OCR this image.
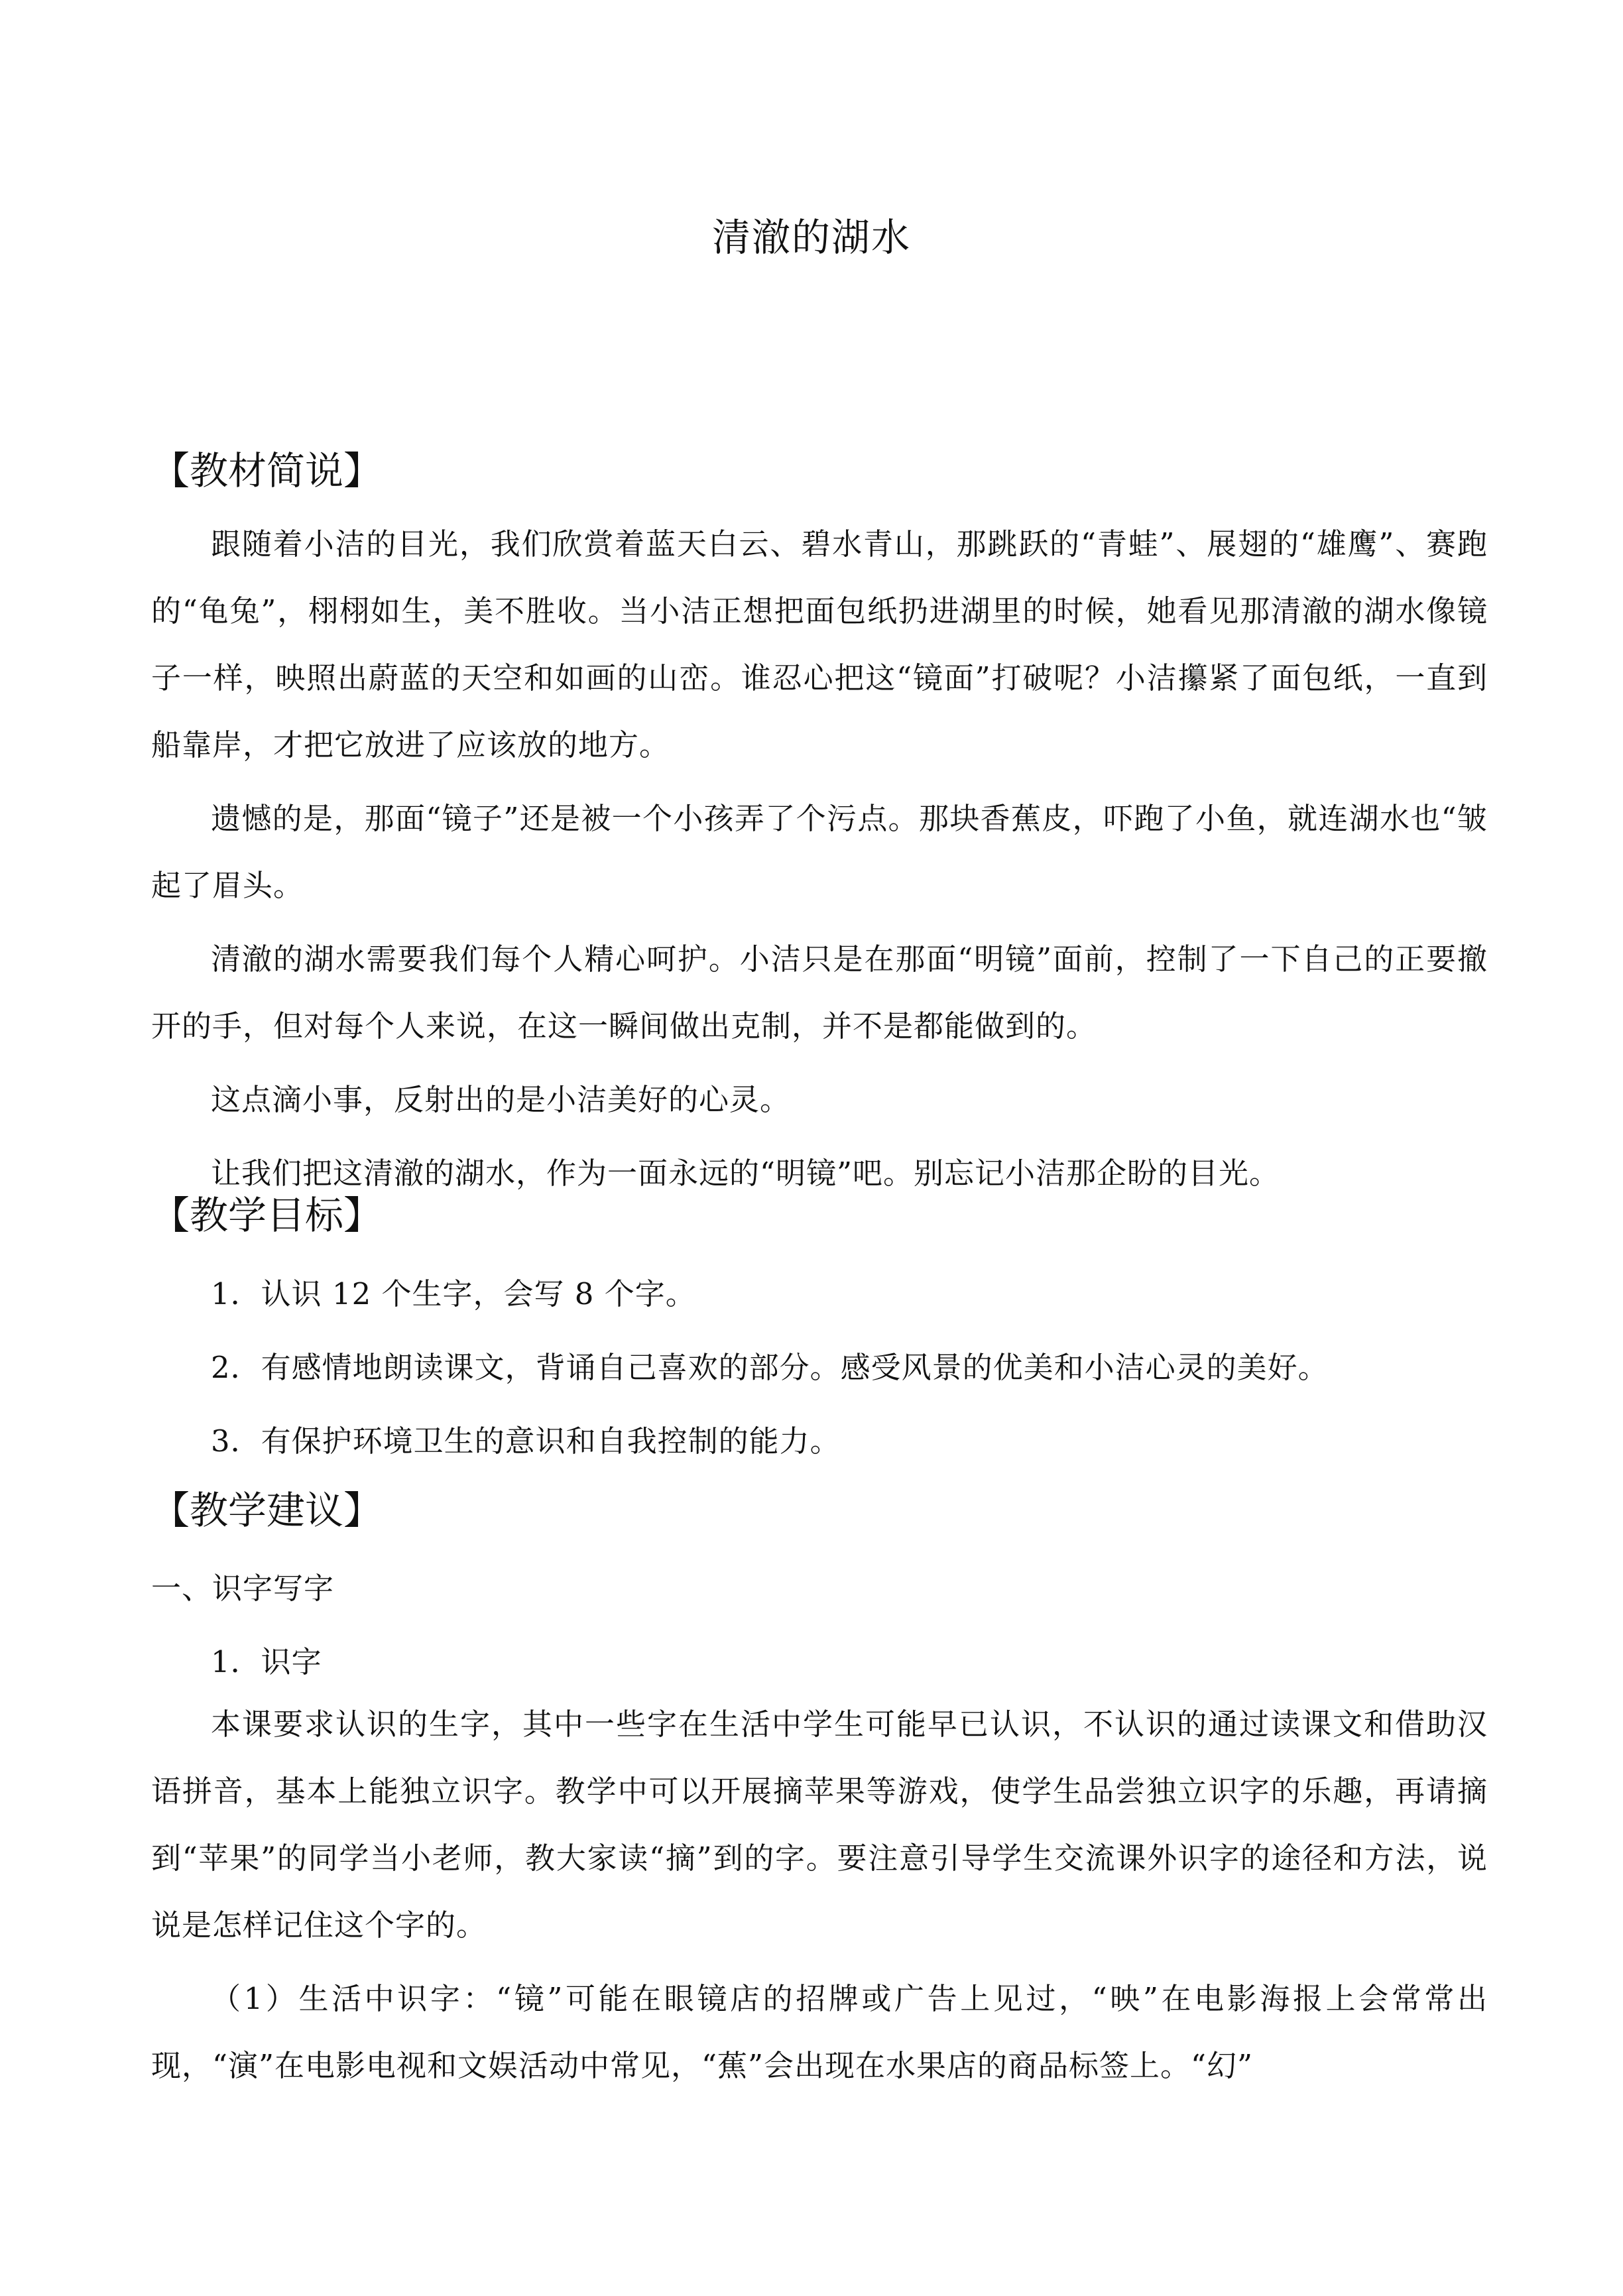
清澈的湖水
【教材简说】

跟随着小洁的目光，我们欣赏着蓝天白云、碧水青山，那跳跃的“青蛙”、展翅的“雄鹰”、赛跑的“龟兔”，栩栩如生，美不胜收。当小洁正想把面包纸扔进湖里的时候，她看见那清澈的湖水像镜子一样，映照出蔚蓝的天空和如画的山峦。谁忍心把这“镜面”打破呢？小洁攥紧了面包纸，一直到船靠岸，才把它放进了应该放的地方。

遗憾的是，那面“镜子”还是被一个小孩弄了个污点。那块香蕉皮，吓跑了小鱼，就连湖水也“皱起了眉头。

清澈的湖水需要我们每个人精心呵护。小洁只是在那面“明镜”面前，控制了一下自己的正要撤开的手，但对每个人来说，在这一瞬间做出克制，并不是都能做到的。

这点滴小事，反射出的是小洁美好的心灵。

让我们把这清澈的湖水，作为一面永远的“明镜”吧。别忘记小洁那企盼的目光。

【教学目标】
1．认识 12 个生字，会写 8 个字。
2．有感情地朗读课文，背诵自己喜欢的部分。感受风景的优美和小洁心灵的美好。
3．有保护环境卫生的意识和自我控制的能力。
【教学建议】
一、识字写字
1．识字

本课要求认识的生字，其中一些字在生活中学生可能早已认识，不认识的通过读课文和借助汉语拼音，基本上能独立识字。教学中可以开展摘苹果等游戏，使学生品尝独立识字的乐趣，再请摘到“苹果”的同学当小老师，教大家读“摘”到的字。要注意引导学生交流课外识字的途径和方法，说说是怎样记住这个字的。

（1）生活中识字：“镜”可能在眼镜店的招牌或广告上见过，“映”在电影海报上会常常出现，“演”在电影电视和文娱活动中常见，“蕉”会出现在水果店的商品标签上。“幻”
